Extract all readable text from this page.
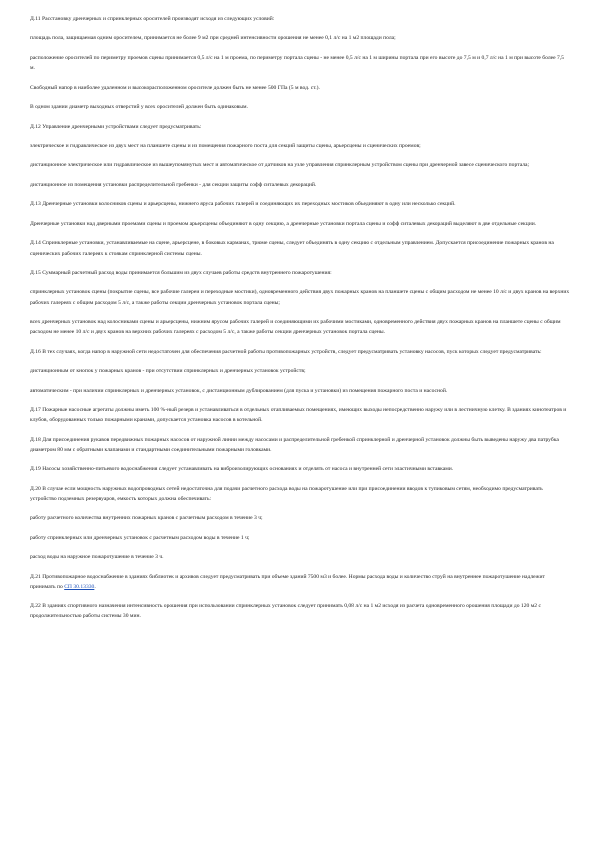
Д.11 Расстановку дренчерных и спринклерных оросителей производят исходя из следующих условий:

площадь пола, защищаемая одним оросителем, принимается не более 9 м2 при средней интенсивности орошения не менее 0,1 л/с на 1 м2 площади пола;

расположение оросителей по периметру проемов сцены принимается 0,5 л/с на 1 м проема, по периметру портала сцены - не менее 0,5 л/с на 1 м ширины портала при его высоте до 7,5 м и 0,7 л/с на 1 м при высоте более 7,5 м.

Свободный напор в наиболее удаленном и высокорасположенном оросителе должен быть не менее 500 ГПа (5 м вод. ст.).

В одном здании диаметр выходных отверстий у всех оросителей должен быть одинаковым.

Д.12 Управление дренчерными устройствами следует предусматривать:

электрическое и гидравлическое из двух мест на планшете сцены и из помещения пожарного поста для секций защиты сцены, арьерсцены и сценических проемов;

дистанционное электрическое или гидравлическое из вышеупомянутых мест и автоматическое от датчиков на узле управления спринклерным устройством сцены при дренчерной завесе сценического портала;

дистанционное из помещения установки распределительной гребенки - для секции защиты софф ситалевых декораций.

Д.13 Дренчерные установки колосников сцены и арьерсцены, нижнего яруса рабочих галерей и соединяющих их переходных мостиков объединяют в одну или несколько секций.

Дренчерные установки над дверными проемами сцены и проемом арьерсцены объединяют в одну секцию, а дренчерные установки портала сцены и софф ситалевых декораций выделяют в две отдельные секции.

Д.14 Спринклерные установки, устанавливаемые на сцене, арьерсцене, в боковых карманах, трюме сцены, следует объединять в одну секцию с отдельным управлением. Допускается присоединение пожарных кранов на сценических рабочих галереях к стоякам спринклерной системы сцены.

Д.15 Суммарный расчетный расход воды принимается большим из двух случаев работы средств внутреннего пожаротушения:

спринклерных установок сцены (покрытие сцены, все рабочие галереи и переходные мостики), одновременного действия двух пожарных кранов на планшете сцены с общим расходом не менее 10 л/с и двух кранов на верхних рабочих галереях с общим расходом 5 л/с, а также работы секции дренчерных установок портала сцены;

всех дренчерных установок над колосниками сцены и арьерсцены, нижним ярусом рабочих галерей и соединяющими их рабочими мостиками, одновременного действия двух пожарных кранов на планшете сцены с общим расходом не менее 10 л/с и двух кранов на верхних рабочих галереях с расходом 5 л/с, а также работы секции дренчерных установок портала сцены.

Д.16 В тех случаях, когда напор в наружной сети недостаточен для обеспечения расчетной работы противопожарных устройств, следует предусматривать установку насосов, пуск которых следует предусматривать:

дистанционным от кнопок у пожарных кранов - при отсутствии спринклерных и дренчерных установок устройств;

автоматическим - при наличии спринклерных и дренчерных установок, с дистанционным дублированием (для пуска и установки) из помещения пожарного поста и насосной.

Д.17 Пожарные насосные агрегаты должны иметь 100 %-ный резерв и устанавливаться в отдельных отапливаемых помещениях, имеющих выходы непосредственно наружу или в лестничную клетку. В зданиях кинотеатров и клубов, оборудованных только пожарными кранами, допускается установка насосов в котельной.

Д.18 Для присоединения рукавов передвижных пожарных насосов от наружной линии между насосами и распределительной гребенкой спринклерной и дренчерной установок должны быть выведены наружу два патрубка диаметром 80 мм с обратными клапанами и стандартными соединительными пожарными головками.

Д.19 Насосы хозяйственно-питьевого водоснабжения следует устанавливать на виброизолирующих основаниях и отделять от насоса и внутренней сети эластичными вставками.

Д.20 В случае если мощность наружных водопроводных сетей недостаточна для подачи расчетного расхода воды на пожаротушение или при присоединении вводов к тупиковым сетям, необходимо предусматривать устройство подземных резервуаров, емкость которых должна обеспечивать:

работу расчетного количества внутренних пожарных кранов с расчетным расходом в течение 3 ч;

работу спринклерных или дренчерных установок с расчетным расходом воды в течение 1 ч;

расход воды на наружное пожаротушение в течение 3 ч.

Д.21 Противопожарное водоснабжение в зданиях библиотек и архивов следует предусматривать при объеме зданий 7500 м3 и более. Нормы расхода воды и количество струй на внутреннее пожаротушение надлежит принимать по СП 30.13330.

Д.22 В зданиях спортивного назначения интенсивность орошения при использовании спринклерных установок следует принимать 0,08 л/с на 1 м2 исходя из расчета одновременного орошения площади до 120 м2 с продолжительностью работы системы 30 мин.
